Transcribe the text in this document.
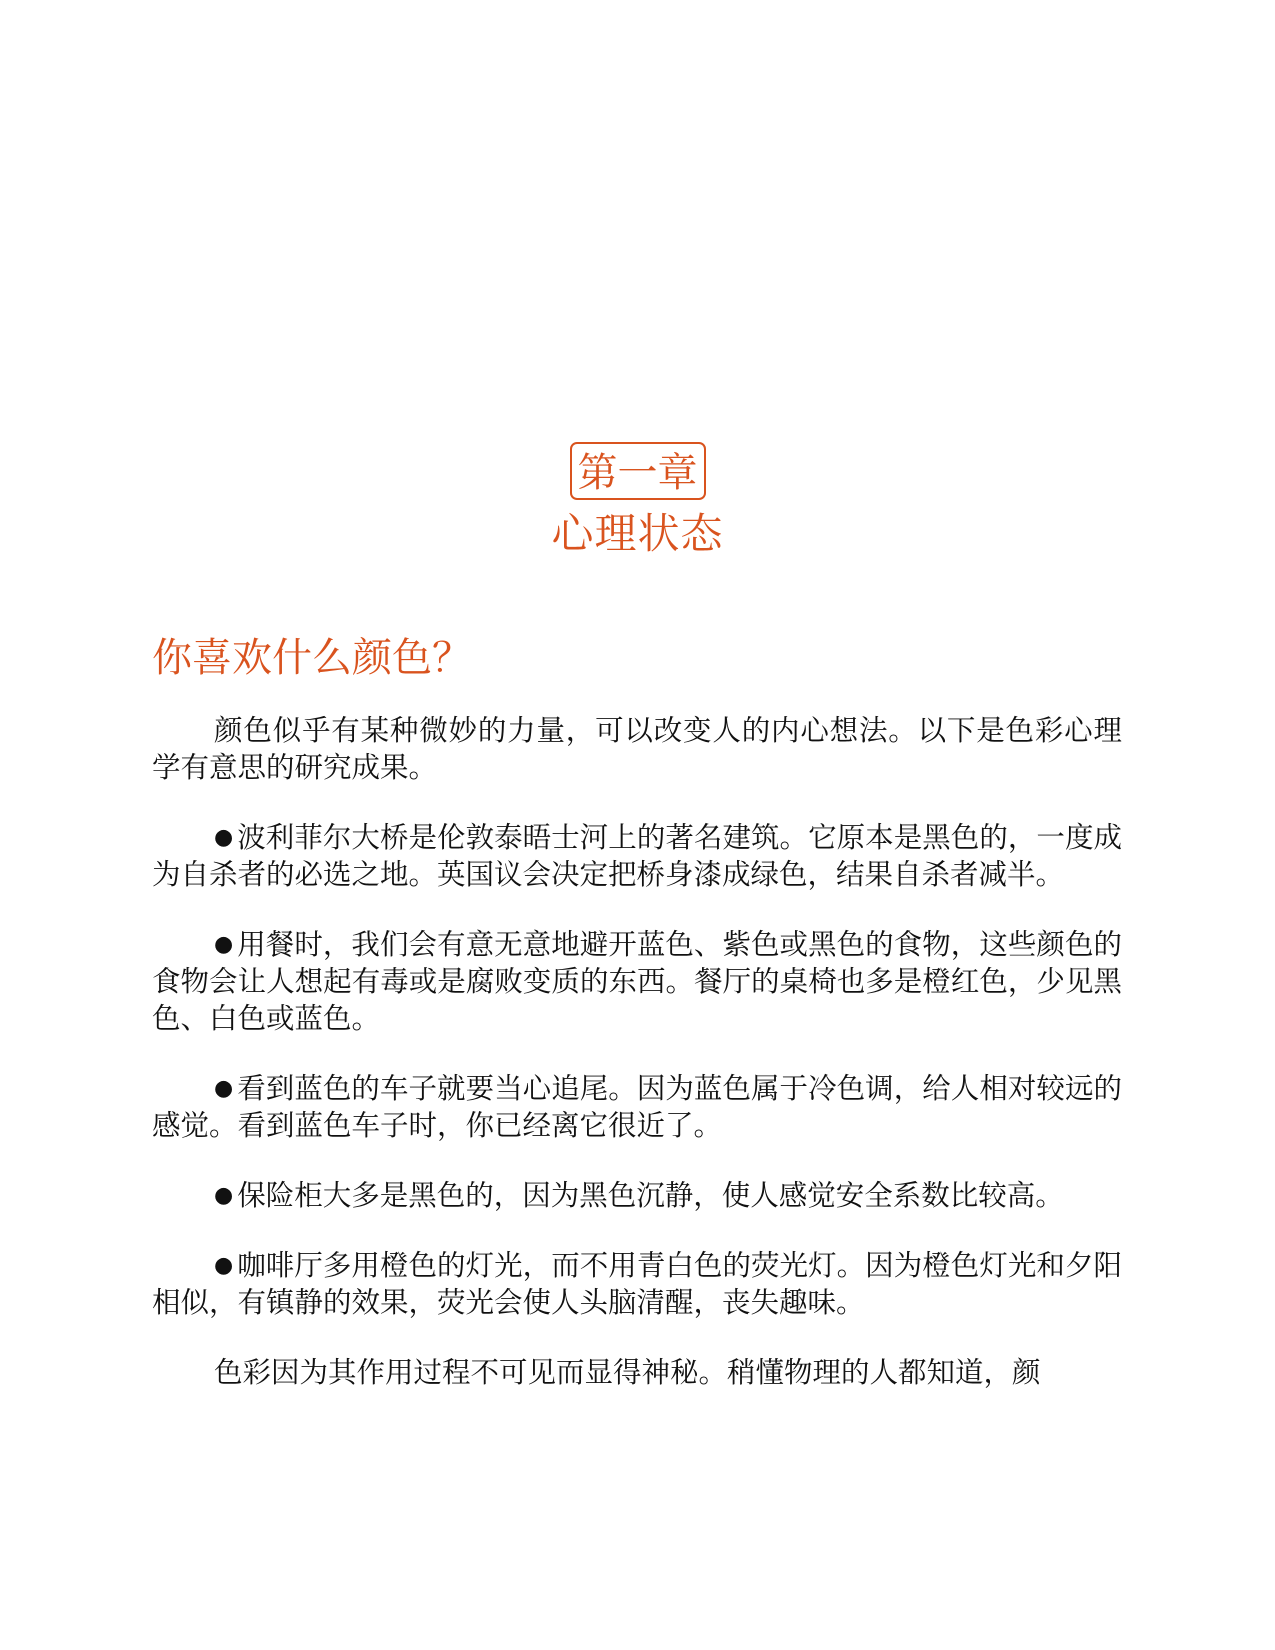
第一章
心理状态
你喜欢什么颜色？

颜色似乎有某种微妙的力量，可以改变人的内心想法。以下是色彩心理学有意思的研究成果。

● 波利菲尔大桥是伦敦泰晤士河上的著名建筑。它原本是黑色的，一度成为自杀者的必选之地。英国议会决定把桥身漆成绿色，结果自杀者减半。

● 用餐时，我们会有意无意地避开蓝色、紫色或黑色的食物，这些颜色的食物会让人想起有毒或是腐败变质的东西。餐厅的桌椅也多是橙红色，少见黑色、白色或蓝色。

● 看到蓝色的车子就要当心追尾。因为蓝色属于冷色调，给人相对较远的感觉。看到蓝色车子时，你已经离它很近了。

● 保险柜大多是黑色的，因为黑色沉静，使人感觉安全系数比较高。

● 咖啡厅多用橙色的灯光，而不用青白色的荧光灯。因为橙色灯光和夕阳相似，有镇静的效果，荧光会使人头脑清醒，丧失趣味。

色彩因为其作用过程不可见而显得神秘。稍懂物理的人都知道，颜
